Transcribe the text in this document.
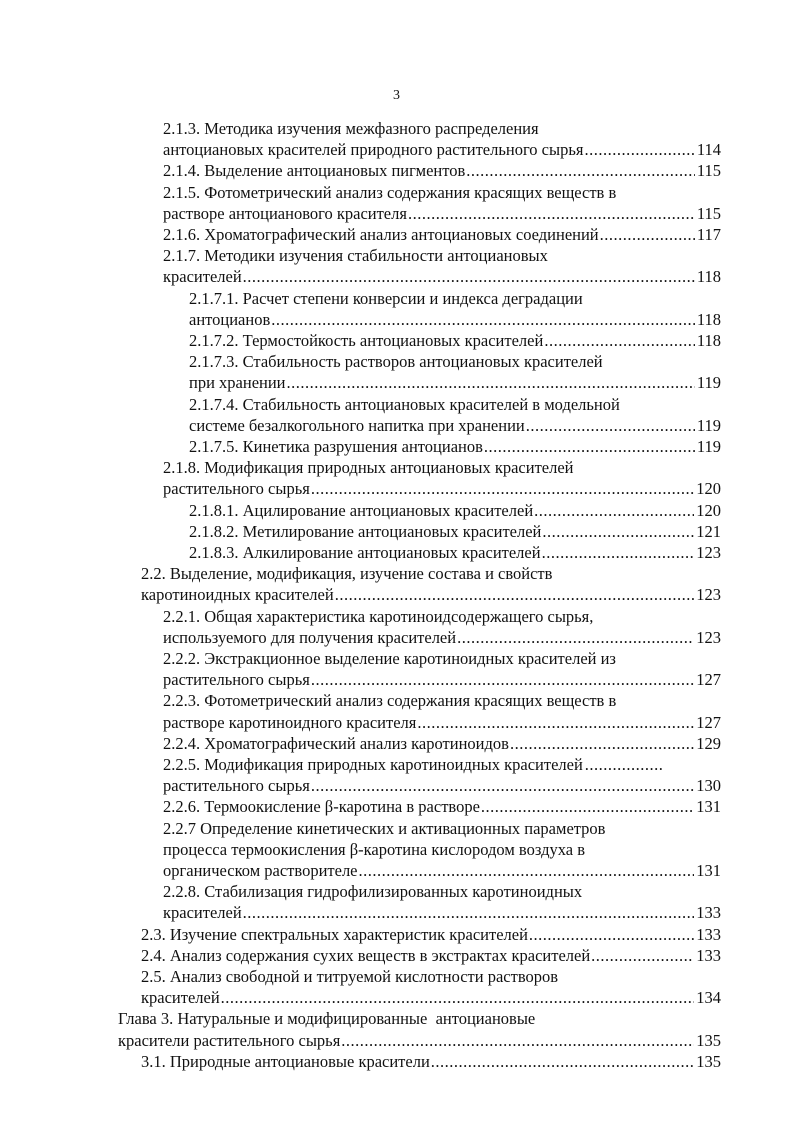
3
2.1.3. Методика изучения межфазного распределения
антоциановых красителей природного растительного сырья .....	114
2.1.4. Выделение антоциановых пигментов .....	115
2.1.5. Фотометрический анализ содержания красящих веществ в
растворе антоцианового красителя .....	115
2.1.6. Хроматографический анализ антоциановых соединений .....	117
2.1.7. Методики изучения стабильности антоциановых
красителей .....	118
2.1.7.1. Расчет степени конверсии и индекса деградации
антоцианов .....	118
2.1.7.2. Термостойкость антоциановых красителей .....	118
2.1.7.3. Стабильность растворов антоциановых красителей
при хранении .....	119
2.1.7.4. Стабильность антоциановых красителей в модельной
системе безалкогольного напитка при хранении .....	119
2.1.7.5. Кинетика разрушения антоцианов .....	119
2.1.8. Модификация природных антоциановых красителей
растительного сырья .....	120
2.1.8.1. Ацилирование антоциановых красителей .....	120
2.1.8.2. Метилирование антоциановых красителей .....	121
2.1.8.3. Алкилирование антоциановых красителей .....	123
2.2. Выделение, модификация, изучение состава и свойств
каротиноидных красителей .....	123
2.2.1. Общая характеристика каротиноидсодержащего сырья,
используемого для получения красителей .....	123
2.2.2. Экстракционное выделение каротиноидных красителей из
растительного сырья .....	127
2.2.3. Фотометрический анализ содержания красящих веществ в
растворе каротиноидного красителя .....	127
2.2.4. Хроматографический анализ каротиноидов .....	129
2.2.5. Модификация природных каротиноидных красителей.....
растительного сырья .....	130
2.2.6. Термоокисление β-каротина в растворе .....	131
2.2.7 Определение кинетических и активационных параметров
процесса термоокисления β-каротина кислородом воздуха в
органическом растворителе .....	131
2.2.8. Стабилизация гидрофилизированных каротиноидных
красителей .....	133
2.3. Изучение спектральных характеристик красителей .....	133
2.4. Анализ содержания сухих веществ в экстрактах красителей .....	133
2.5. Анализ свободной и титруемой кислотности растворов
красителей .....	134
Глава 3. Натуральные и модифицированные  антоциановые
красители растительного сырья .....	135
3.1. Природные антоциановые красители .....	135
